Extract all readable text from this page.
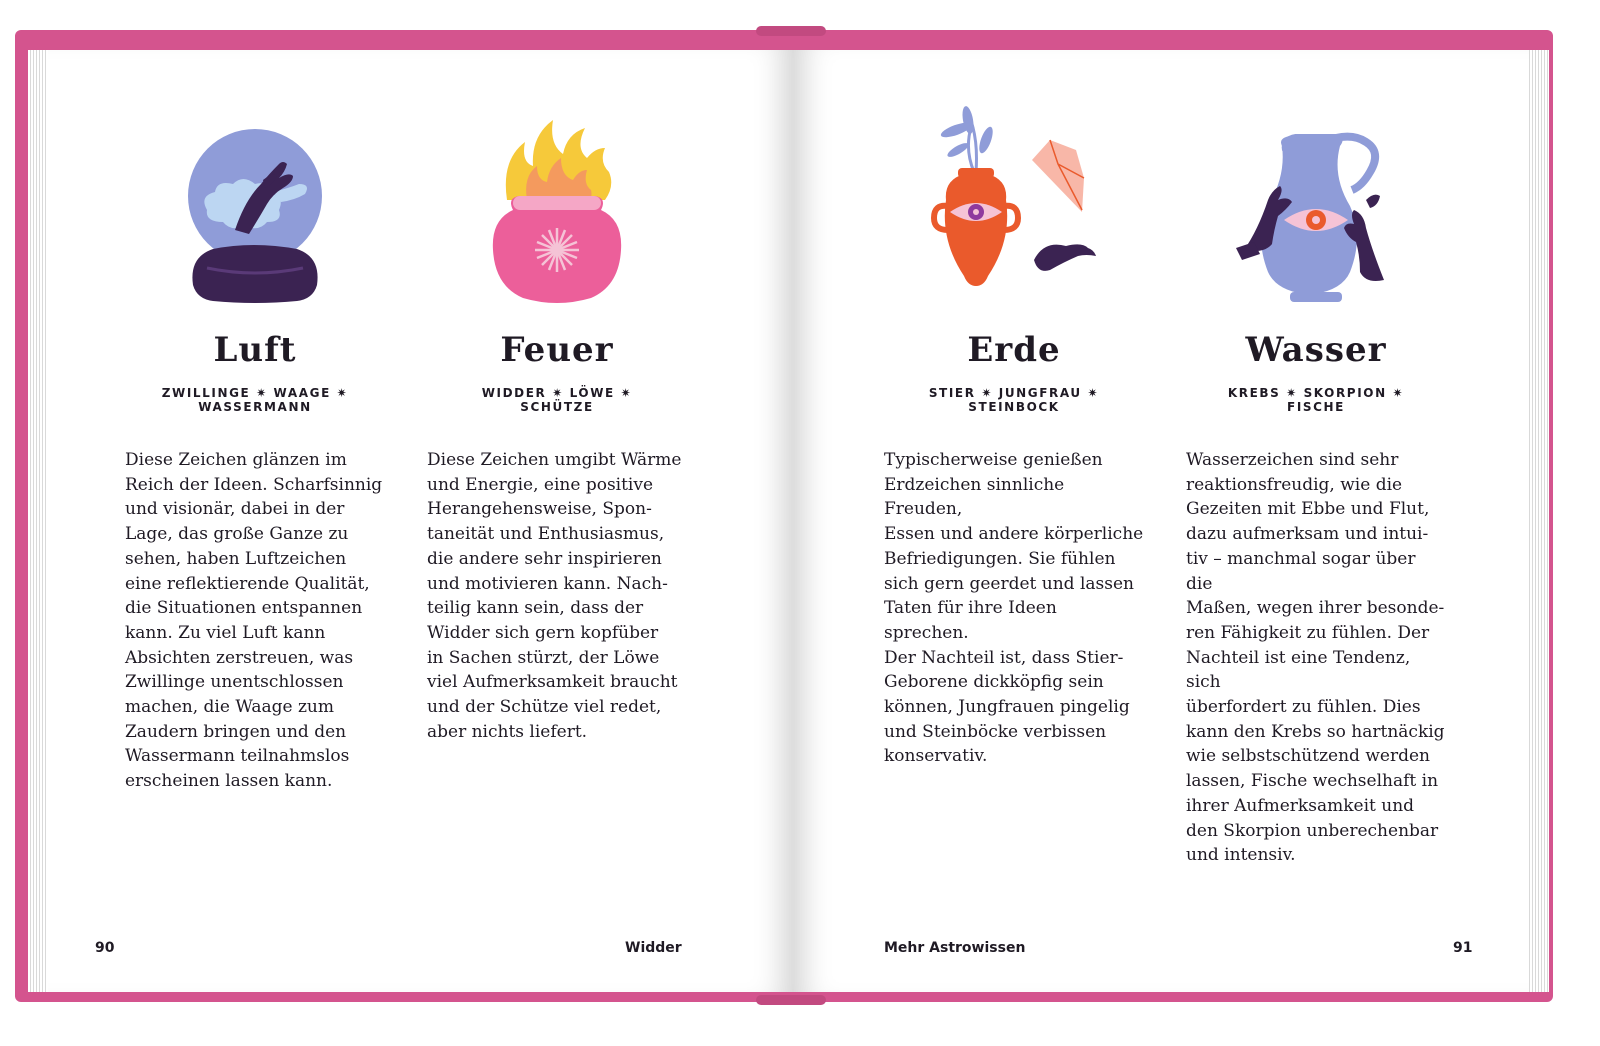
Luft
ZWILLINGE ✷ WAAGE ✷
WASSERMANN
Diese Zeichen glänzen im
Reich der Ideen. Scharfsinnig
und visionär, dabei in der
Lage, das große Ganze zu
sehen, haben Luftzeichen
eine reflektierende Qualität,
die Situationen entspannen
kann. Zu viel Luft kann
Absichten zerstreuen, was
Zwillinge unentschlossen
machen, die Waage zum
Zaudern bringen und den
Wassermann teilnahmslos
erscheinen lassen kann.
Feuer
WIDDER ✷ LÖWE ✷
SCHÜTZE
Diese Zeichen umgibt Wärme
und Energie, eine positive
Herangehensweise, Spon-
taneität und Enthusiasmus,
die andere sehr inspirieren
und motivieren kann. Nach-
teilig kann sein, dass der
Widder sich gern kopfüber
in Sachen stürzt, der Löwe
viel Aufmerksamkeit braucht
und der Schütze viel redet,
aber nichts liefert.
90	Widder
Erde
STIER ✷ JUNGFRAU ✷
STEINBOCK
Typischerweise genießen
Erdzeichen sinnliche Freuden,
Essen und andere körperliche
Befriedigungen. Sie fühlen
sich gern geerdet und lassen
Taten für ihre Ideen sprechen.
Der Nachteil ist, dass Stier-
Geborene dickköpfig sein
können, Jungfrauen pingelig
und Steinböcke verbissen
konservativ.
Wasser
KREBS ✷ SKORPION ✷
FISCHE
Wasserzeichen sind sehr
reaktionsfreudig, wie die
Gezeiten mit Ebbe und Flut,
dazu aufmerksam und intui-
tiv – manchmal sogar über die
Maßen, wegen ihrer besonde-
ren Fähigkeit zu fühlen. Der
Nachteil ist eine Tendenz, sich
überfordert zu fühlen. Dies
kann den Krebs so hartnäckig
wie selbstschützend werden
lassen, Fische wechselhaft in
ihrer Aufmerksamkeit und
den Skorpion unberechenbar
und intensiv.
Mehr Astrowissen	91
